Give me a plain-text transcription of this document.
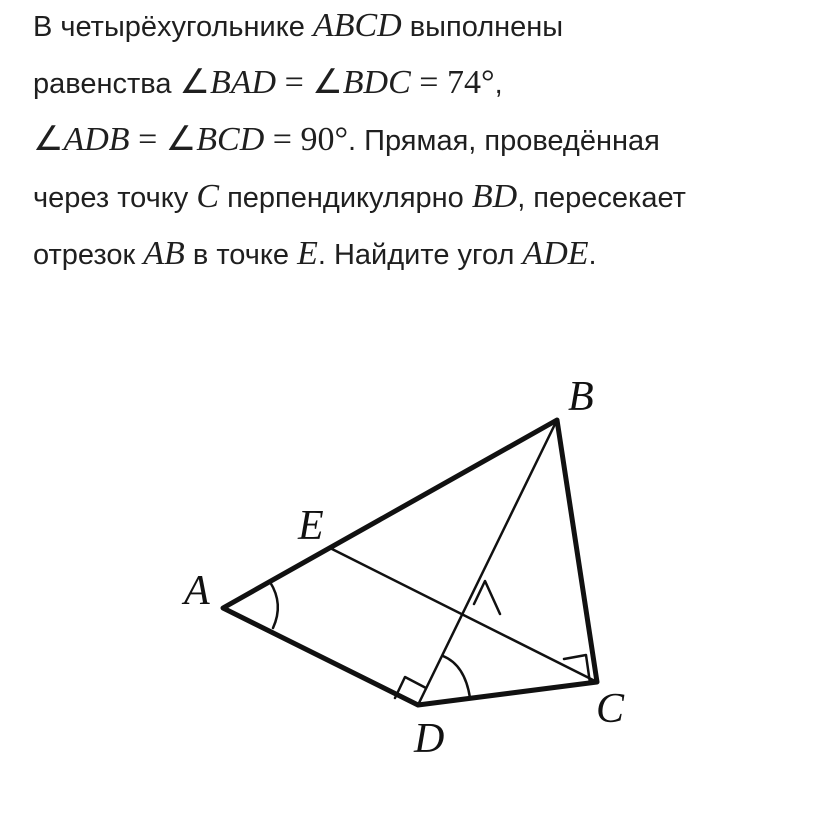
В четырёхугольнике ABCD выполнены

равенства ∠BAD = ∠BDC = 74°,

∠ADB = ∠BCD = 90°. Прямая, проведённая

через точку C перпендикулярно BD, пересекает

отрезок AB в точке E. Найдите угол ADE.

B
E
A
C
D
